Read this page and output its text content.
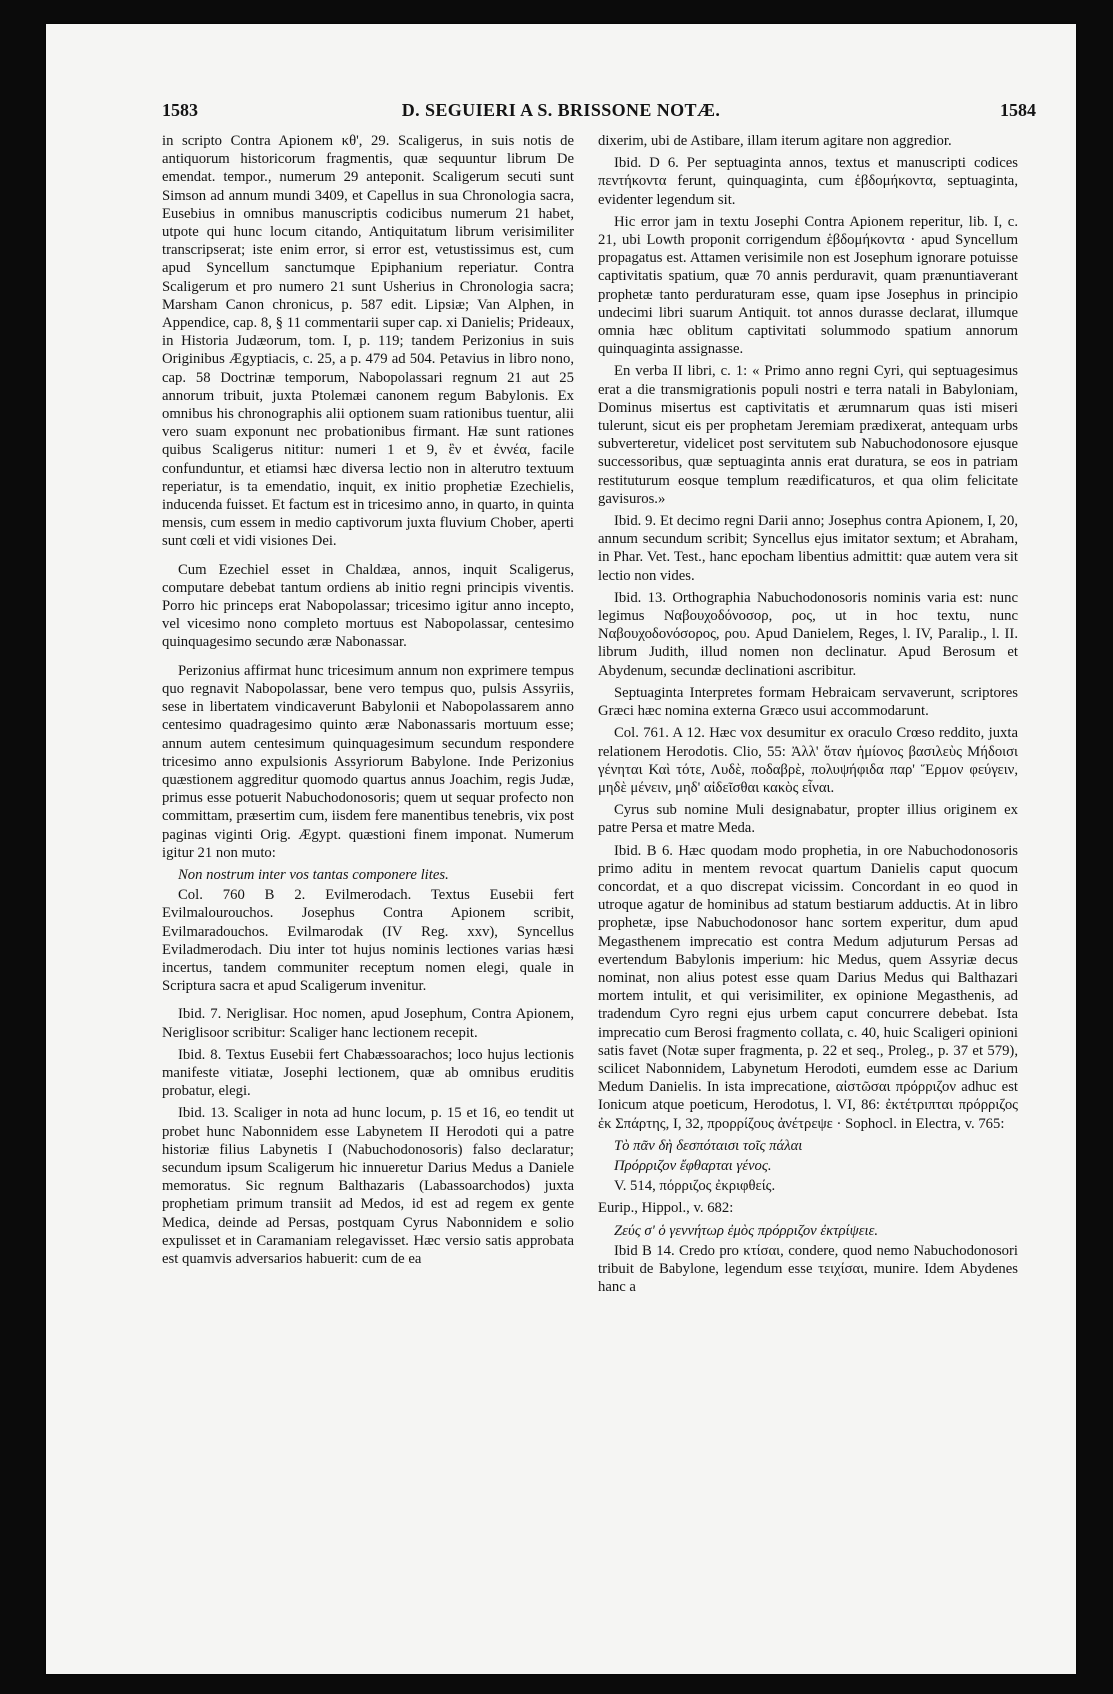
1583	D. SEGUIERI A S. BRISSONE NOTÆ.	1584

in scripto Contra Apionem κθ', 29. Scaligerus, in suis notis de antiquorum historicorum fragmentis, quæ sequuntur librum De emendat. tempor., numerum 29 anteponit. Scaligerum secuti sunt Simson ad annum mundi 3409, et Capellus in sua Chronologia sacra, Eusebius in omnibus manuscriptis codicibus numerum 21 habet, utpote qui hunc locum citando, Antiquitatum librum verisimiliter transcripserat; iste enim error, si error est, vetustissimus est, cum apud Syncellum sanctumque Epiphanium reperiatur. Contra Scaligerum et pro numero 21 sunt Usherius in Chronologia sacra; Marsham Canon chronicus, p. 587 edit. Lipsiæ; Van Alphen, in Appendice, cap. 8, § 11 commentarii super cap. xi Danielis; Prideaux, in Historia Judæorum, tom. I, p. 119; tandem Perizonius in suis Originibus Ægyptiacis, c. 25, a p. 479 ad 504. Petavius in libro nono, cap. 58 Doctrinæ temporum, Nabopolassari regnum 21 aut 25 annorum tribuit, juxta Ptolemæi canonem regum Babylonis. Ex omnibus his chronographis alii optionem suam rationibus tuentur, alii vero suam exponunt nec probationibus firmant. Hæ sunt rationes quibus Scaligerus nititur: numeri 1 et 9, ἓν et ἐννέα, facile confunduntur, et etiamsi hæc diversa lectio non in alterutro textuum reperiatur, is ta emendatio, inquit, ex initio prophetiæ Ezechielis, inducenda fuisset. Et factum est in tricesimo anno, in quarto, in quinta mensis, cum essem in medio captivorum juxta fluvium Chober, aperti sunt cœli et vidi visiones Dei.

Cum Ezechiel esset in Chaldæa, annos, inquit Scaligerus, computare debebat tantum ordiens ab initio regni principis viventis. Porro hic princeps erat Nabopolassar; tricesimo igitur anno incepto, vel vicesimo nono completo mortuus est Nabopolassar, centesimo quinquagesimo secundo æræ Nabonassar.

Perizonius affirmat hunc tricesimum annum non exprimere tempus quo regnavit Nabopolassar, bene vero tempus quo, pulsis Assyriis, sese in libertatem vindicaverunt Babylonii et Nabopolassarem anno centesimo quadragesimo quinto æræ Nabonassaris mortuum esse; annum autem centesimum quinquagesimum secundum respondere tricesimo anno expulsionis Assyriorum Babylone. Inde Perizonius quæstionem aggreditur quomodo quartus annus Joachim, regis Judæ, primus esse potuerit Nabuchodonosoris; quem ut sequar profecto non committam, præsertim cum, iisdem fere manentibus tenebris, vix post paginas viginti Orig. Ægypt. quæstioni finem imponat. Numerum igitur 21 non muto:

Non nostrum inter vos tantas componere lites.

Col. 760 B 2. Evilmerodach. Textus Eusebii fert Evilmalourouchos. Josephus Contra Apionem scribit, Evilmaradouchos. Evilmarodak (IV Reg. xxv), Syncellus Eviladmerodach. Diu inter tot hujus nominis lectiones varias hæsi incertus, tandem communiter receptum nomen elegi, quale in Scriptura sacra et apud Scaligerum invenitur.

Ibid. 7. Neriglisar. Hoc nomen, apud Josephum, Contra Apionem, Neriglisoor scribitur: Scaliger hanc lectionem recepit.

Ibid. 8. Textus Eusebii fert Chabæssoarachos; loco hujus lectionis manifeste vitiatæ, Josephi lectionem, quæ ab omnibus eruditis probatur, elegi.

Ibid. 13. Scaliger in nota ad hunc locum, p. 15 et 16, eo tendit ut probet hunc Nabonnidem esse Labynetem II Herodoti qui a patre historiæ filius Labynetis I (Nabuchodonosoris) falso declaratur; secundum ipsum Scaligerum hic innueretur Darius Medus a Daniele memoratus. Sic regnum Balthazaris (Labassoarchodos) juxta prophetiam primum transiit ad Medos, id est ad regem ex gente Medica, deinde ad Persas, postquam Cyrus Nabonnidem e solio expulisset et in Caramaniam relegavisset. Hæc versio satis approbata est quamvis adversarios habuerit: cum de ea

dixerim, ubi de Astibare, illam iterum agitare non aggredior.

Ibid. D 6. Per septuaginta annos, textus et manuscripti codices πεντήκοντα ferunt, quinquaginta, cum ἑβδομήκοντα, septuaginta, evidenter legendum sit.

Hic error jam in textu Josephi Contra Apionem reperitur, lib. I, c. 21, ubi Lowth proponit corrigendum ἑβδομήκοντα · apud Syncellum propagatus est. Attamen verisimile non est Josephum ignorare potuisse captivitatis spatium, quæ 70 annis perduravit, quam prænuntiaverant prophetæ tanto perduraturam esse, quam ipse Josephus in principio undecimi libri suarum Antiquit. tot annos durasse declarat, illumque omnia hæc oblitum captivitati solummodo spatium annorum quinquaginta assignasse.

En verba II libri, c. 1: « Primo anno regni Cyri, qui septuagesimus erat a die transmigrationis populi nostri e terra natali in Babyloniam, Dominus misertus est captivitatis et ærumnarum quas isti miseri tulerunt, sicut eis per prophetam Jeremiam prædixerat, antequam urbs subverteretur, videlicet post servitutem sub Nabuchodonosore ejusque successoribus, quæ septuaginta annis erat duratura, se eos in patriam restituturum eosque templum reædificaturos, et qua olim felicitate gavisuros.»

Ibid. 9. Et decimo regni Darii anno; Josephus contra Apionem, I, 20, annum secundum scribit; Syncellus ejus imitator sextum; et Abraham, in Phar. Vet. Test., hanc epocham libentius admittit: quæ autem vera sit lectio non vides.

Ibid. 13. Orthographia Nabuchodonosoris nominis varia est: nunc legimus Ναβουχοδόνοσορ, ρος, ut in hoc textu, nunc Ναβουχοδονόσορος, ρου. Apud Danielem, Reges, l. IV, Paralip., l. II. librum Judith, illud nomen non declinatur. Apud Berosum et Abydenum, secundæ declinationi ascribitur.

Septuaginta Interpretes formam Hebraicam servaverunt, scriptores Græci hæc nomina externa Græco usui accommodarunt.

Col. 761. A 12. Hæc vox desumitur ex oraculo Crœso reddito, juxta relationem Herodotis. Clio, 55: Ἀλλ' ὅταν ἡμίονος βασιλεὺς Μήδοισι γένηται Καὶ τότε, Λυδὲ, ποδαβρὲ, πολυψήφιδα παρ' Ἕρμον φεύγειν, μηδὲ μένειν, μηδ' αἰδεῖσθαι κακὸς εἶναι.

Cyrus sub nomine Muli designabatur, propter illius originem ex patre Persa et matre Meda.

Ibid. B 6. Hæc quodam modo prophetia, in ore Nabuchodonosoris primo aditu in mentem revocat quartum Danielis caput quocum concordat, et a quo discrepat vicissim. Concordant in eo quod in utroque agatur de hominibus ad statum bestiarum adductis. At in libro prophetæ, ipse Nabuchodonosor hanc sortem experitur, dum apud Megasthenem imprecatio est contra Medum adjuturum Persas ad evertendum Babylonis imperium: hic Medus, quem Assyriæ decus nominat, non alius potest esse quam Darius Medus qui Balthazari mortem intulit, et qui verisimiliter, ex opinione Megasthenis, ad tradendum Cyro regni ejus urbem caput concurrere debebat. Ista imprecatio cum Berosi fragmento collata, c. 40, huic Scaligeri opinioni satis favet (Notæ super fragmenta, p. 22 et seq., Proleg., p. 37 et 579), scilicet Nabonnidem, Labynetum Herodoti, eumdem esse ac Darium Medum Danielis. In ista imprecatione, αἰστῶσαι πρόρριζον adhuc est Ionicum atque poeticum, Herodotus, l. VI, 86: ἐκτέτριπται πρόρριζος ἐκ Σπάρτης, I, 32, προρρίζους ἀνέτρεψε · Sophocl. in Electra, v. 765:

Τὸ πᾶν δὴ δεσπόταισι τοῖς πάλαι

Πρόρριζον ἔφθαρται γένος.

V. 514, πόρριζος ἐκριφθείς.

Eurip., Hippol., v. 682:

Ζεύς σ' ὁ γεννήτωρ ἐμὸς πρόρριζον ἐκτρίψειε.

Ibid B 14. Credo pro κτίσαι, condere, quod nemo Nabuchodonosori tribuit de Babylone, legendum esse τειχίσαι, munire. Idem Abydenes hanc a
